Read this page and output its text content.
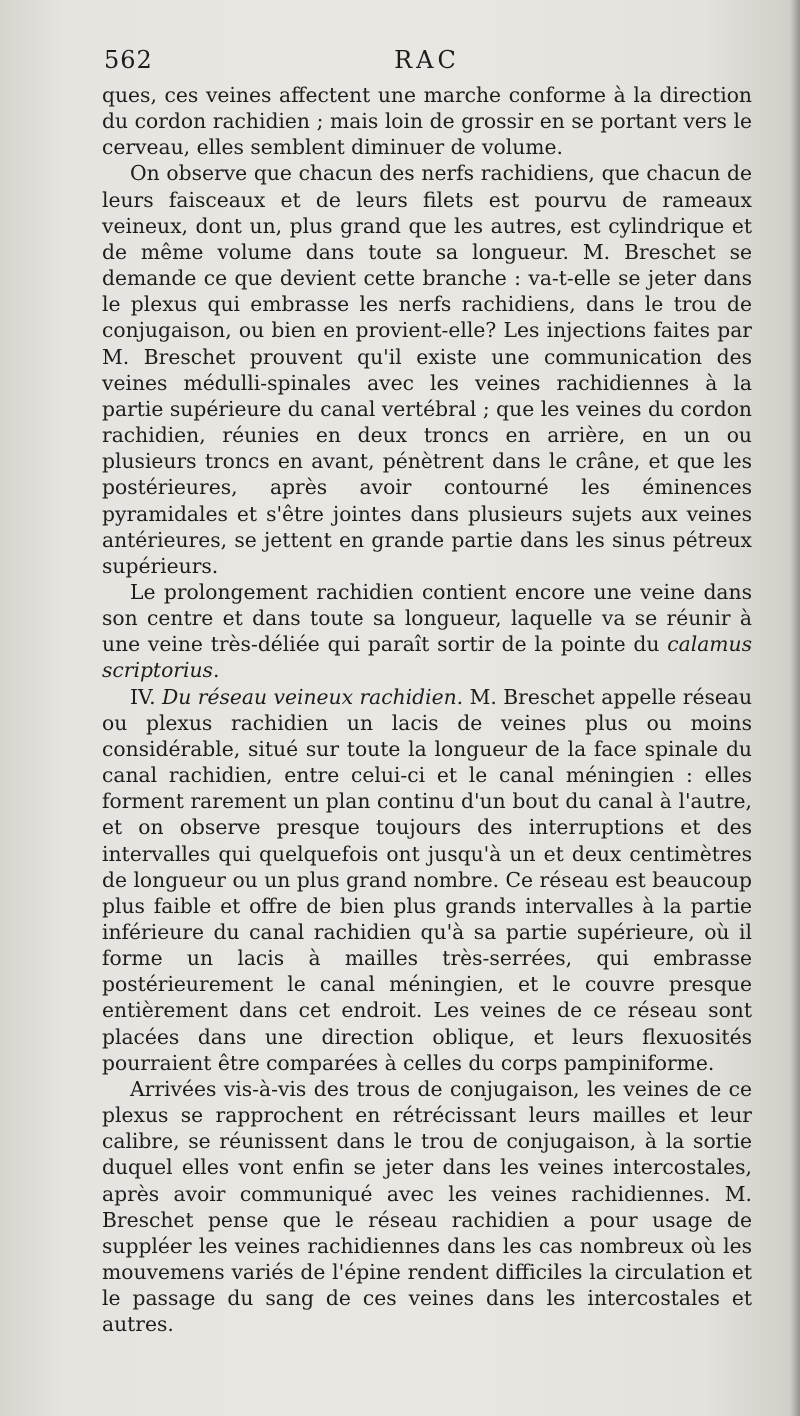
562	RAC

ques, ces veines affectent une marche conforme à la direction du cordon rachidien ; mais loin de grossir en se portant vers le cerveau, elles semblent diminuer de volume.

On observe que chacun des nerfs rachidiens, que chacun de leurs faisceaux et de leurs filets est pourvu de rameaux veineux, dont un, plus grand que les autres, est cylindrique et de même volume dans toute sa longueur. M. Breschet se demande ce que devient cette branche : va-t-elle se jeter dans le plexus qui embrasse les nerfs rachidiens, dans le trou de conjugaison, ou bien en provient-elle? Les injections faites par M. Breschet prouvent qu'il existe une communication des veines médulli-spinales avec les veines rachidiennes à la partie supérieure du canal vertébral ; que les veines du cordon rachidien, réunies en deux troncs en arrière, en un ou plusieurs troncs en avant, pénètrent dans le crâne, et que les postérieures, après avoir contourné les éminences pyramidales et s'être jointes dans plusieurs sujets aux veines antérieures, se jettent en grande partie dans les sinus pétreux supérieurs.

Le prolongement rachidien contient encore une veine dans son centre et dans toute sa longueur, laquelle va se réunir à une veine très-déliée qui paraît sortir de la pointe du calamus scriptorius.

IV. Du réseau veineux rachidien. M. Breschet appelle réseau ou plexus rachidien un lacis de veines plus ou moins considérable, situé sur toute la longueur de la face spinale du canal rachidien, entre celui-ci et le canal méningien : elles forment rarement un plan continu d'un bout du canal à l'autre, et on observe presque toujours des interruptions et des intervalles qui quelquefois ont jusqu'à un et deux centimètres de longueur ou un plus grand nombre. Ce réseau est beaucoup plus faible et offre de bien plus grands intervalles à la partie inférieure du canal rachidien qu'à sa partie supérieure, où il forme un lacis à mailles très-serrées, qui embrasse postérieurement le canal méningien, et le couvre presque entièrement dans cet endroit. Les veines de ce réseau sont placées dans une direction oblique, et leurs flexuosités pourraient être comparées à celles du corps pampiniforme.

Arrivées vis-à-vis des trous de conjugaison, les veines de ce plexus se rapprochent en rétrécissant leurs mailles et leur calibre, se réunissent dans le trou de conjugaison, à la sortie duquel elles vont enfin se jeter dans les veines intercostales, après avoir communiqué avec les veines rachidiennes. M. Breschet pense que le réseau rachidien a pour usage de suppléer les veines rachidiennes dans les cas nombreux où les mouvemens variés de l'épine rendent difficiles la circulation et le passage du sang de ces veines dans les intercostales et autres.
